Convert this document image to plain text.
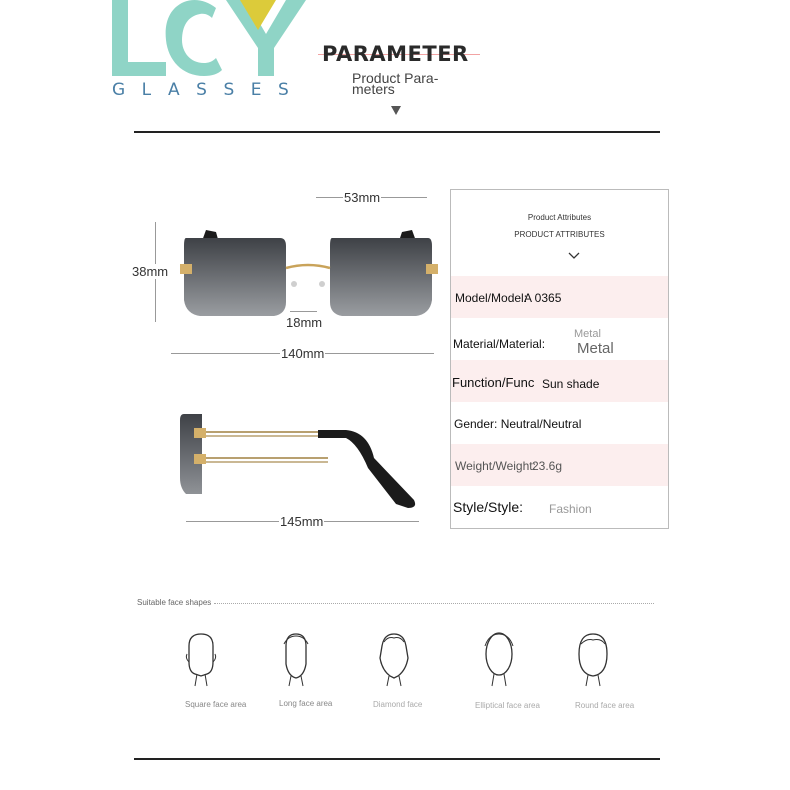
GLASSES
PARAMETER
Product Para-meters
53mm
38mm
18mm
140mm
145mm
Product Attributes
PRODUCT ATTRIBUTES
Model/Model:
A 0365
Material/Material:
Metal
Metal
Function/Func Sun shade
Gender: Neutral/Neutral
Weight/Weight:
23.6g
Style/Style: Fashion
Suitable face shapes
Square face area	Long face area	Diamond face	Elliptical face area	Round face area
